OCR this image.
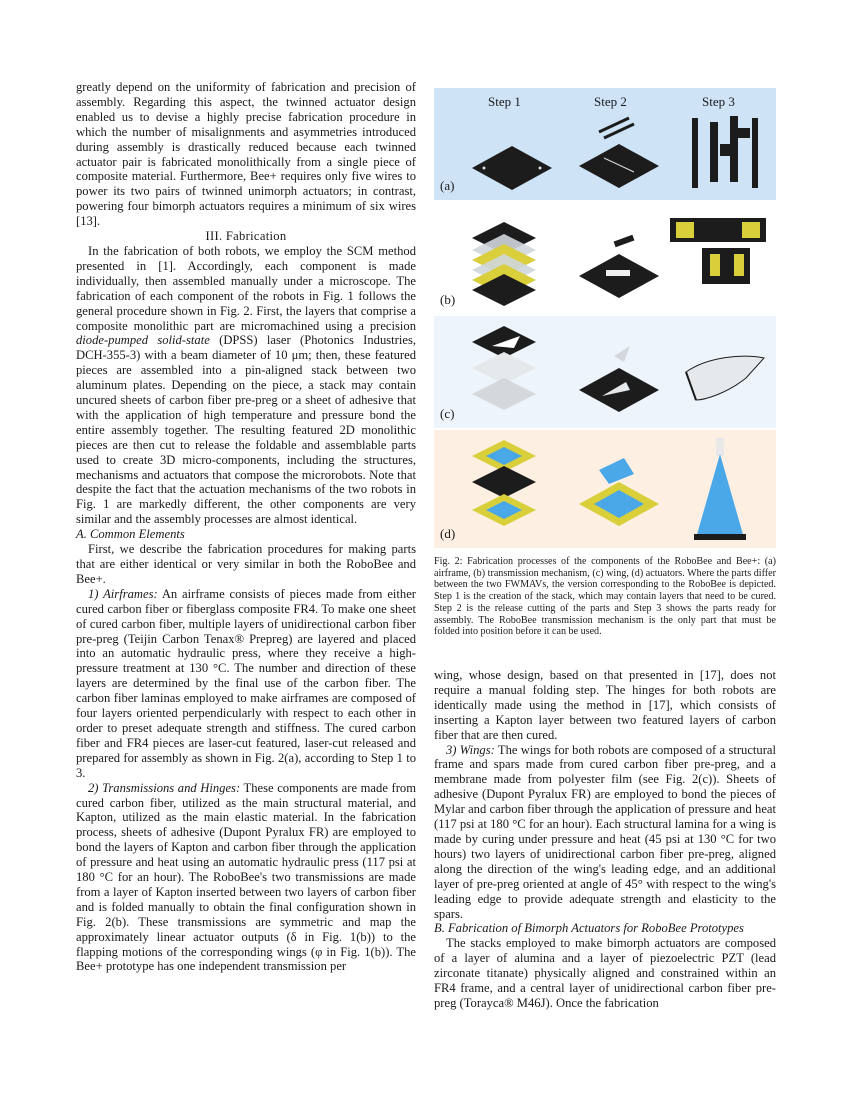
greatly depend on the uniformity of fabrication and precision of assembly. Regarding this aspect, the twinned actuator design enabled us to devise a highly precise fabrication procedure in which the number of misalignments and asymmetries introduced during assembly is drastically reduced because each twinned actuator pair is fabricated monolithically from a single piece of composite material. Furthermore, Bee+ requires only five wires to power its two pairs of twinned unimorph actuators; in contrast, powering four bimorph actuators requires a minimum of six wires [13].

III. Fabrication

In the fabrication of both robots, we employ the SCM method presented in [1]. Accordingly, each component is made individually, then assembled manually under a microscope. The fabrication of each component of the robots in Fig. 1 follows the general procedure shown in Fig. 2. First, the layers that comprise a composite monolithic part are micromachined using a precision diode-pumped solid-state (DPSS) laser (Photonics Industries, DCH-355-3) with a beam diameter of 10 μm; then, these featured pieces are assembled into a pin-aligned stack between two aluminum plates. Depending on the piece, a stack may contain uncured sheets of carbon fiber pre-preg or a sheet of adhesive that with the application of high temperature and pressure bond the entire assembly together. The resulting featured 2D monolithic pieces are then cut to release the foldable and assemblable parts used to create 3D micro-components, including the structures, mechanisms and actuators that compose the microrobots. Note that despite the fact that the actuation mechanisms of the two robots in Fig. 1 are markedly different, the other components are very similar and the assembly processes are almost identical.

A. Common Elements

First, we describe the fabrication procedures for making parts that are either identical or very similar in both the RoboBee and Bee+.

1) Airframes: An airframe consists of pieces made from either cured carbon fiber or fiberglass composite FR4. To make one sheet of cured carbon fiber, multiple layers of unidirectional carbon fiber pre-preg (Teijin Carbon Tenax® Prepreg) are layered and placed into an automatic hydraulic press, where they receive a high-pressure treatment at 130 °C. The number and direction of these layers are determined by the final use of the carbon fiber. The carbon fiber laminas employed to make airframes are composed of four layers oriented perpendicularly with respect to each other in order to preset adequate strength and stiffness. The cured carbon fiber and FR4 pieces are laser-cut featured, laser-cut released and prepared for assembly as shown in Fig. 2(a), according to Step 1 to 3.

2) Transmissions and Hinges: These components are made from cured carbon fiber, utilized as the main structural material, and Kapton, utilized as the main elastic material. In the fabrication process, sheets of adhesive (Dupont Pyralux FR) are employed to bond the layers of Kapton and carbon fiber through the application of pressure and heat using an automatic hydraulic press (117 psi at 180 °C for an hour). The RoboBee's two transmissions are made from a layer of Kapton inserted between two layers of carbon fiber and is folded manually to obtain the final configuration shown in Fig. 2(b). These transmissions are symmetric and map the approximately linear actuator outputs (δ in Fig. 1(b)) to the flapping motions of the corresponding wings (φ in Fig. 1(b)). The Bee+ prototype has one independent transmission per

Step 1	Step 2	Step 3
(a)
(b)
(c)
(d)

Fig. 2: Fabrication processes of the components of the RoboBee and Bee+: (a) airframe, (b) transmission mechanism, (c) wing, (d) actuators. Where the parts differ between the two FWMAVs, the version corresponding to the RoboBee is depicted. Step 1 is the creation of the stack, which may contain layers that need to be cured. Step 2 is the release cutting of the parts and Step 3 shows the parts ready for assembly. The RoboBee transmission mechanism is the only part that must be folded into position before it can be used.

wing, whose design, based on that presented in [17], does not require a manual folding step. The hinges for both robots are identically made using the method in [17], which consists of inserting a Kapton layer between two featured layers of carbon fiber that are then cured.

3) Wings: The wings for both robots are composed of a structural frame and spars made from cured carbon fiber pre-preg, and a membrane made from polyester film (see Fig. 2(c)). Sheets of adhesive (Dupont Pyralux FR) are employed to bond the pieces of Mylar and carbon fiber through the application of pressure and heat (117 psi at 180 °C for an hour). Each structural lamina for a wing is made by curing under pressure and heat (45 psi at 130 °C for two hours) two layers of unidirectional carbon fiber pre-preg, aligned along the direction of the wing's leading edge, and an additional layer of pre-preg oriented at angle of 45° with respect to the wing's leading edge to provide adequate strength and elasticity to the spars.

B. Fabrication of Bimorph Actuators for RoboBee Prototypes

The stacks employed to make bimorph actuators are composed of a layer of alumina and a layer of piezoelectric PZT (lead zirconate titanate) physically aligned and constrained within an FR4 frame, and a central layer of unidirectional carbon fiber pre-preg (Torayca® M46J). Once the fabrication
